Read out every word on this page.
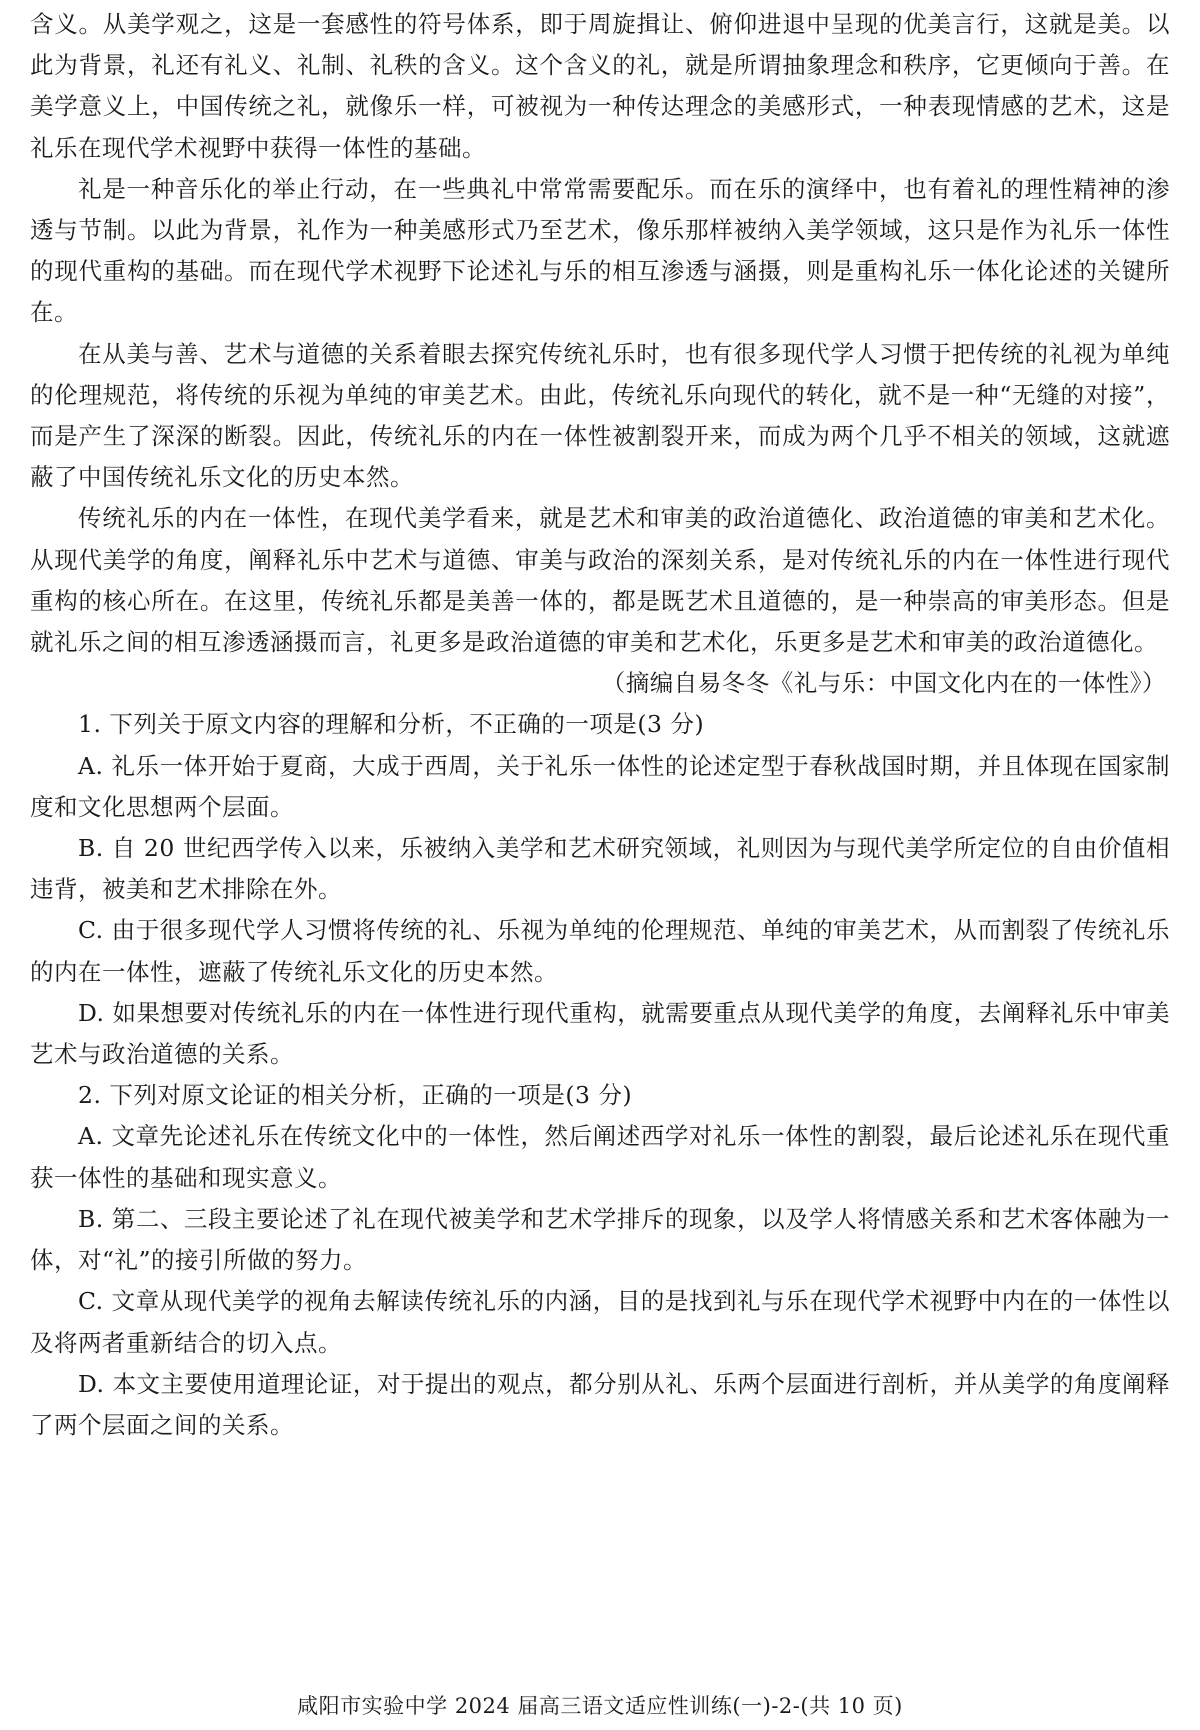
含义。从美学观之，这是一套感性的符号体系，即于周旋揖让、俯仰进退中呈现的优美言行，这就是美。以此为背景，礼还有礼义、礼制、礼秩的含义。这个含义的礼，就是所谓抽象理念和秩序，它更倾向于善。在美学意义上，中国传统之礼，就像乐一样，可被视为一种传达理念的美感形式，一种表现情感的艺术，这是礼乐在现代学术视野中获得一体性的基础。

礼是一种音乐化的举止行动，在一些典礼中常常需要配乐。而在乐的演绎中，也有着礼的理性精神的渗透与节制。以此为背景，礼作为一种美感形式乃至艺术，像乐那样被纳入美学领域，这只是作为礼乐一体性的现代重构的基础。而在现代学术视野下论述礼与乐的相互渗透与涵摄，则是重构礼乐一体化论述的关键所在。

在从美与善、艺术与道德的关系着眼去探究传统礼乐时，也有很多现代学人习惯于把传统的礼视为单纯的伦理规范，将传统的乐视为单纯的审美艺术。由此，传统礼乐向现代的转化，就不是一种“无缝的对接”，而是产生了深深的断裂。因此，传统礼乐的内在一体性被割裂开来，而成为两个几乎不相关的领域，这就遮蔽了中国传统礼乐文化的历史本然。

传统礼乐的内在一体性，在现代美学看来，就是艺术和审美的政治道德化、政治道德的审美和艺术化。从现代美学的角度，阐释礼乐中艺术与道德、审美与政治的深刻关系，是对传统礼乐的内在一体性进行现代重构的核心所在。在这里，传统礼乐都是美善一体的，都是既艺术且道德的，是一种崇高的审美形态。但是就礼乐之间的相互渗透涵摄而言，礼更多是政治道德的审美和艺术化，乐更多是艺术和审美的政治道德化。

（摘编自易冬冬《礼与乐：中国文化内在的一体性》）

1. 下列关于原文内容的理解和分析，不正确的一项是(3 分)

A. 礼乐一体开始于夏商，大成于西周，关于礼乐一体性的论述定型于春秋战国时期，并且体现在国家制度和文化思想两个层面。

B. 自 20 世纪西学传入以来，乐被纳入美学和艺术研究领域，礼则因为与现代美学所定位的自由价值相违背，被美和艺术排除在外。

C. 由于很多现代学人习惯将传统的礼、乐视为单纯的伦理规范、单纯的审美艺术，从而割裂了传统礼乐的内在一体性，遮蔽了传统礼乐文化的历史本然。

D. 如果想要对传统礼乐的内在一体性进行现代重构，就需要重点从现代美学的角度，去阐释礼乐中审美艺术与政治道德的关系。

2. 下列对原文论证的相关分析，正确的一项是(3 分)

A. 文章先论述礼乐在传统文化中的一体性，然后阐述西学对礼乐一体性的割裂，最后论述礼乐在现代重获一体性的基础和现实意义。

B. 第二、三段主要论述了礼在现代被美学和艺术学排斥的现象，以及学人将情感关系和艺术客体融为一体，对“礼”的接引所做的努力。

C. 文章从现代美学的视角去解读传统礼乐的内涵，目的是找到礼与乐在现代学术视野中内在的一体性以及将两者重新结合的切入点。

D. 本文主要使用道理论证，对于提出的观点，都分别从礼、乐两个层面进行剖析，并从美学的角度阐释了两个层面之间的关系。

咸阳市实验中学 2024 届高三语文适应性训练(一)-2-(共 10 页)
